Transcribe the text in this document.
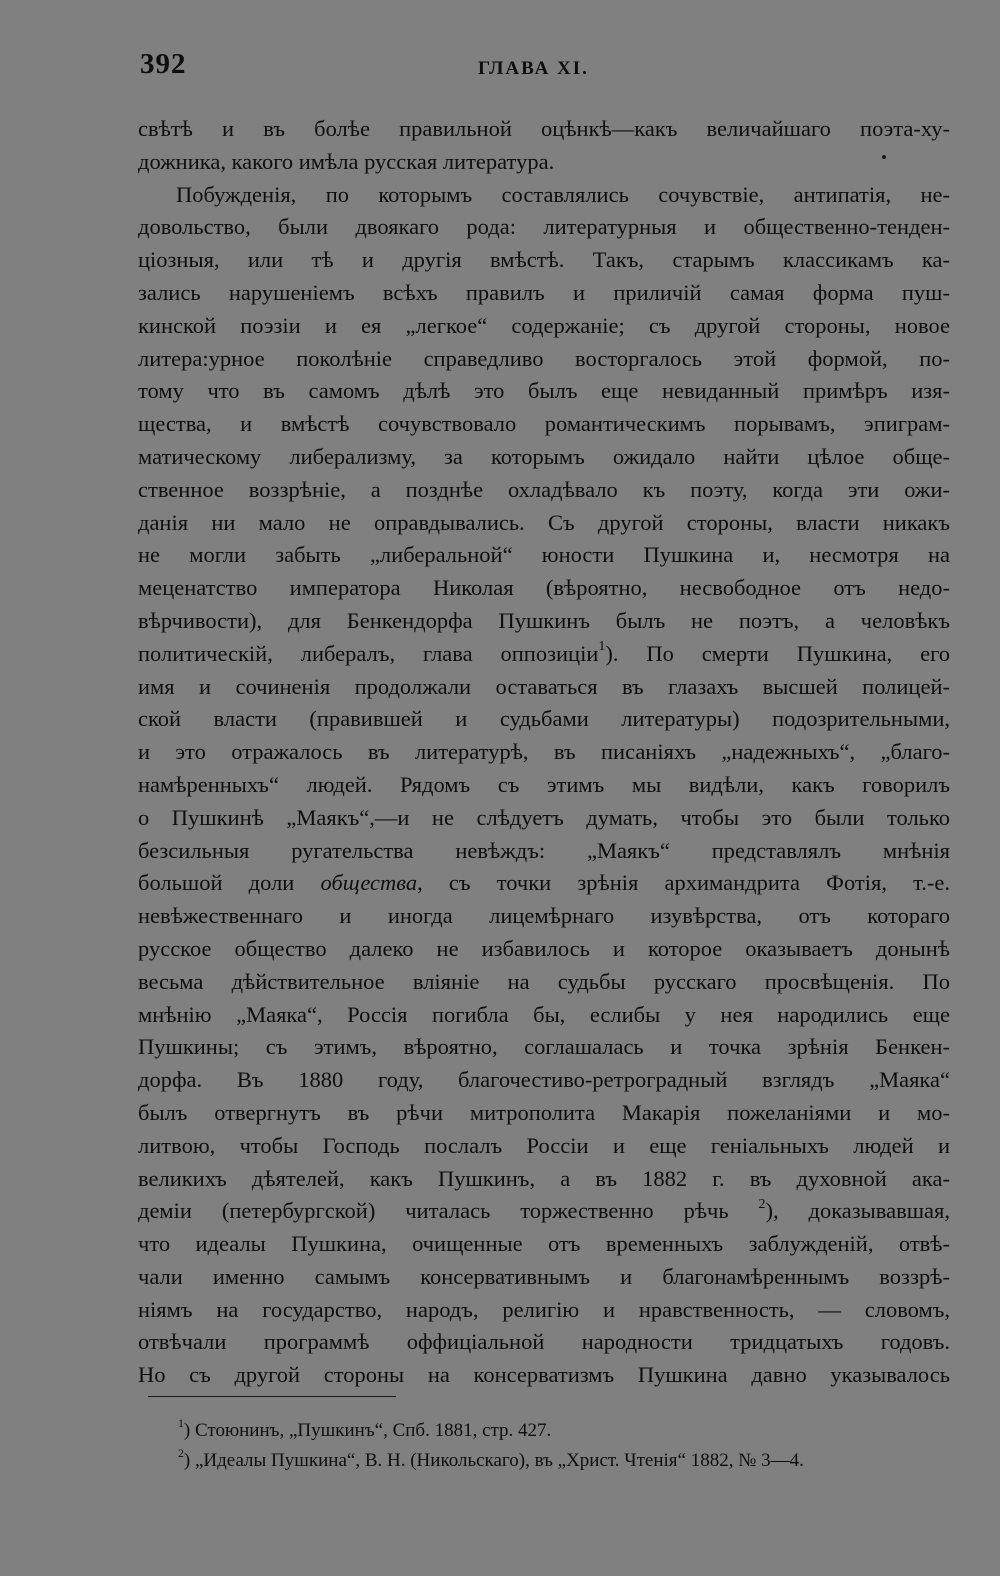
392	ГЛАВА XI.
свѣтѣ и въ болѣе правильной оцѣнкѣ—какъ величайшаго поэта-ху-
дожника, какого имѣла русская литература.
Побужденія, по которымъ составлялись сочувствіе, антипатія, не-
довольство, были двоякаго рода: литературныя и общественно-тенден-
ціозныя, или тѣ и другія вмѣстѣ. Такъ, старымъ классикамъ ка-
зались нарушеніемъ всѣхъ правилъ и приличій самая форма пуш-
кинской поэзіи и ея „легкое“ содержаніе; съ другой стороны, новое
литера:урное поколѣніе справедливо восторгалось этой формой, по-
тому что въ самомъ дѣлѣ это былъ еще невиданный примѣръ изя-
щества, и вмѣстѣ сочувствовало романтическимъ порывамъ, эпиграм-
матическому либерализму, за которымъ ожидало найти цѣлое обще-
ственное воззрѣніе, а позднѣе охладѣвало къ поэту, когда эти ожи-
данія ни мало не оправдывались. Съ другой стороны, власти никакъ
не могли забыть „либеральной“ юности Пушкина и, несмотря на
меценатство императора Николая (вѣроятно, несвободное отъ недо-
вѣрчивости), для Бенкендорфа Пушкинъ былъ не поэтъ, а человѣкъ
политическій, либералъ, глава оппозиціи$^1$). По смерти Пушкина, его
имя и сочиненія продолжали оставаться въ глазахъ высшей полицей-
ской власти (правившей и судьбами литературы) подозрительными,
и это отражалось въ литературѣ, въ писаніяхъ „надежныхъ“, „благо-
намѣренныхъ“ людей. Рядомъ съ этимъ мы видѣли, какъ говорилъ
о Пушкинѣ „Маякъ“,—и не слѣдуетъ думать, чтобы это были только
безсильныя ругательства невѣждъ: „Маякъ“ представлялъ мнѣнія
большой доли общества, съ точки зрѣнія архимандрита Фотія, т.-е.
невѣжественнаго и иногда лицемѣрнаго изувѣрства, отъ котораго
русское общество далеко не избавилось и которое оказываетъ донынѣ
весьма дѣйствительное вліяніе на судьбы русскаго просвѣщенія. По
мнѣнію „Маяка“, Россія погибла бы, еслибы у нея народились еще
Пушкины; съ этимъ, вѣроятно, соглашалась и точка зрѣнія Бенкен-
дорфа. Въ 1880 году, благочестиво-ретроградный взглядъ „Маяка“
былъ отвергнутъ въ рѣчи митрополита Макарія пожеланіями и мо-
литвою, чтобы Господь послалъ Россіи и еще геніальныхъ людей и
великихъ дѣятелей, какъ Пушкинъ, а въ 1882 г. въ духовной ака-
деміи (петербургской) читалась торжественно рѣчь $^2$), доказывавшая,
что идеалы Пушкина, очищенные отъ временныхъ заблужденій, отвѣ-
чали именно самымъ консервативнымъ и благонамѣреннымъ воззрѣ-
ніямъ на государство, народъ, религію и нравственность, — словомъ,
отвѣчали программѣ оффиціальной народности тридцатыхъ годовъ.
Но съ другой стороны на консерватизмъ Пушкина давно указывалось
$^1$) Стоюнинъ, „Пушкинъ“, Спб. 1881, стр. 427.
$^2$) „Идеалы Пушкина“, В. Н. (Никольскаго), въ „Христ. Чтенія“ 1882, № 3—4.
